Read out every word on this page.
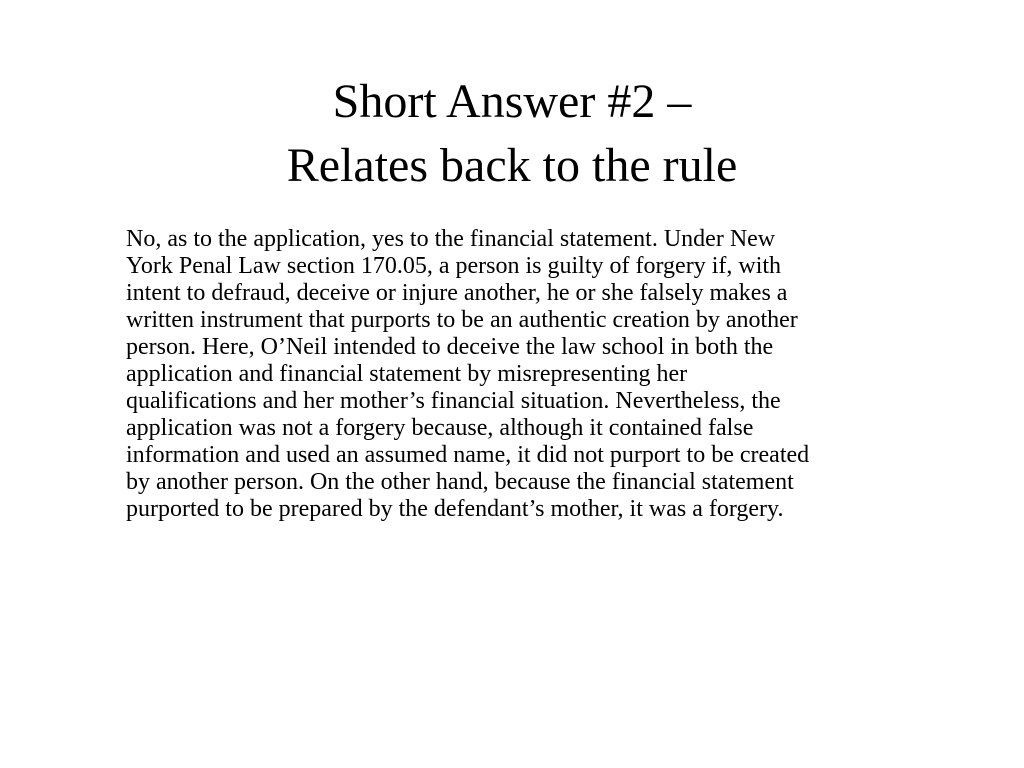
Short Answer #2 –
Relates back to the rule

No, as to the application, yes to the financial statement. Under New
York Penal Law section 170.05, a person is guilty of forgery if, with
intent to defraud, deceive or injure another, he or she falsely makes a
written instrument that purports to be an authentic creation by another
person. Here, O’Neil intended to deceive the law school in both the
application and financial statement by misrepresenting her
qualifications and her mother’s financial situation. Nevertheless, the
application was not a forgery because, although it contained false
information and used an assumed name, it did not purport to be created
by another person. On the other hand, because the financial statement
purported to be prepared by the defendant’s mother, it was a forgery.
